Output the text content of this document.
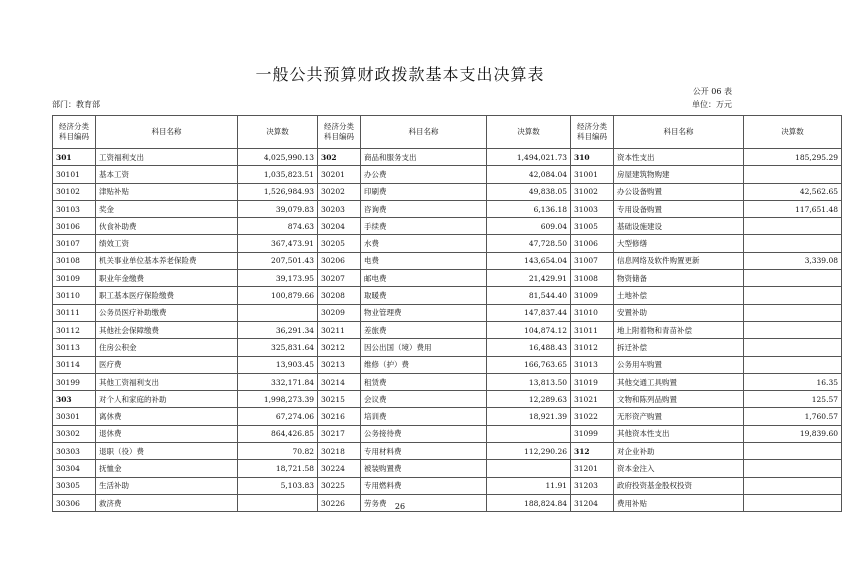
一般公共预算财政拨款基本支出决算表
公开 06 表
部门：教育部	单位：万元
经济分类
科目编码	科目名称	决算数	经济分类
科目编码	科目名称	决算数	经济分类
科目编码	科目名称	决算数
301	工资福利支出	4,025,990.13	302	商品和服务支出	1,494,021.73	310	资本性支出	185,295.29
30101	基本工资	1,035,823.51	30201	办公费	42,084.04	31001	房屋建筑物购建	
30102	津贴补贴	1,526,984.93	30202	印刷费	49,838.05	31002	办公设备购置	42,562.65
30103	奖金	39,079.83	30203	咨询费	6,136.18	31003	专用设备购置	117,651.48
30106	伙食补助费	874.63	30204	手续费	609.04	31005	基础设施建设	
30107	绩效工资	367,473.91	30205	水费	47,728.50	31006	大型修缮	
30108	机关事业单位基本养老保险费	207,501.43	30206	电费	143,654.04	31007	信息网络及软件购置更新	3,339.08
30109	职业年金缴费	39,173.95	30207	邮电费	21,429.91	31008	物资储备	
30110	职工基本医疗保险缴费	100,879.66	30208	取暖费	81,544.40	31009	土地补偿	
30111	公务员医疗补助缴费		30209	物业管理费	147,837.44	31010	安置补助	
30112	其他社会保障缴费	36,291.34	30211	差旅费	104,874.12	31011	地上附着物和青苗补偿	
30113	住房公积金	325,831.64	30212	因公出国（境）费用	16,488.43	31012	拆迁补偿	
30114	医疗费	13,903.45	30213	维修（护）费	166,763.65	31013	公务用车购置	
30199	其他工资福利支出	332,171.84	30214	租赁费	13,813.50	31019	其他交通工具购置	16.35
303	对个人和家庭的补助	1,998,273.39	30215	会议费	12,289.63	31021	文物和陈列品购置	125.57
30301	离休费	67,274.06	30216	培训费	18,921.39	31022	无形资产购置	1,760.57
30302	退休费	864,426.85	30217	公务接待费		31099	其他资本性支出	19,839.60
30303	退职（役）费	70.82	30218	专用材料费	112,290.26	312	对企业补助	
30304	抚恤金	18,721.58	30224	被装购置费		31201	资本金注入	
30305	生活补助	5,103.83	30225	专用燃料费	11.91	31203	政府投资基金股权投资	
30306	救济费		30226	劳务费	188,824.84	31204	费用补贴	
26
